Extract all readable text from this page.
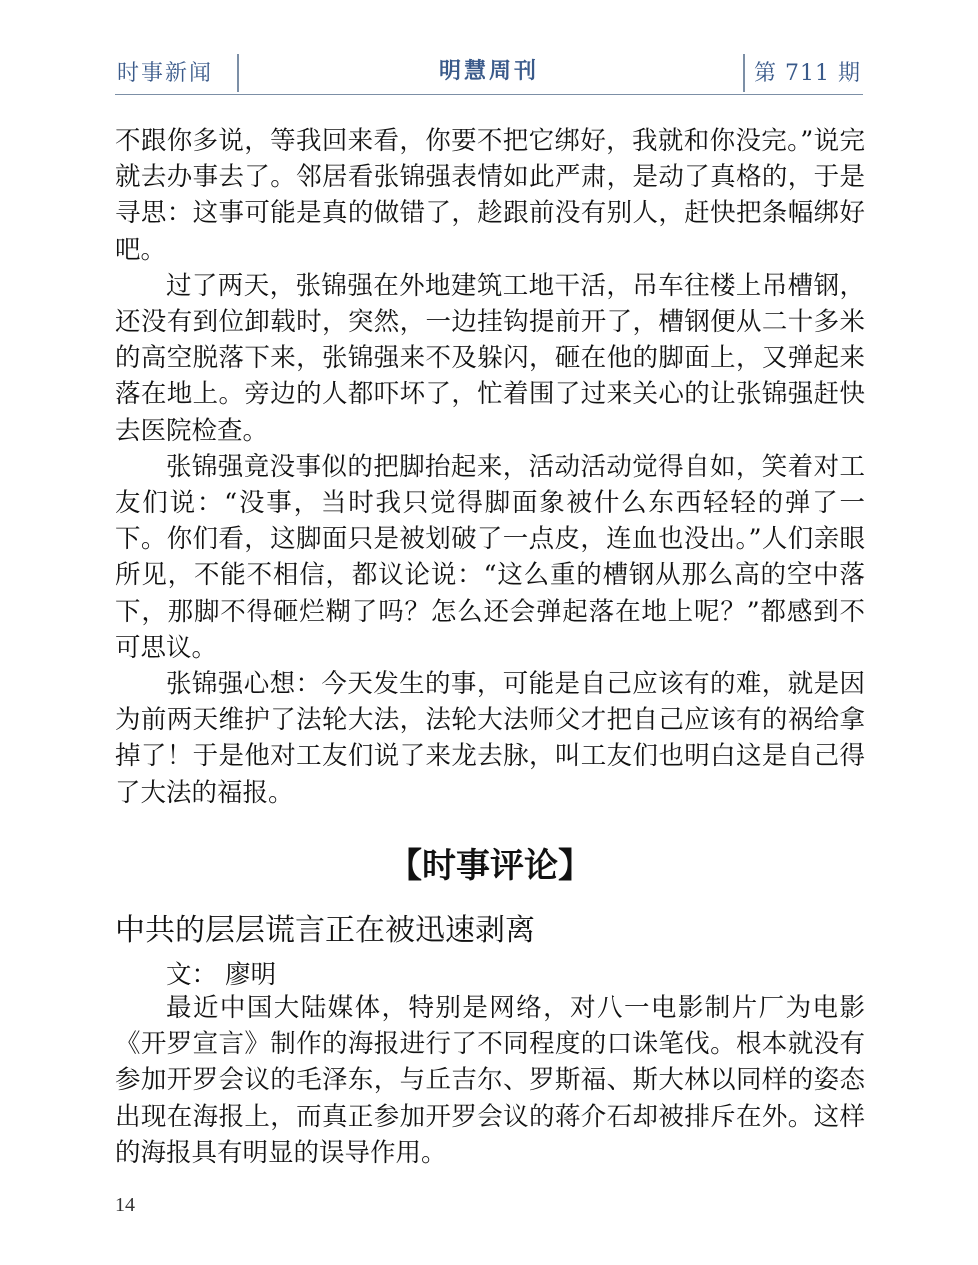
时事新闻	明慧周刊	第 711 期

不跟你多说，等我回来看，你要不把它绑好，我就和你没完。”说完就去办事去了。邻居看张锦强表情如此严肃，是动了真格的，于是寻思：这事可能是真的做错了，趁跟前没有别人，赶快把条幅绑好吧。

过了两天，张锦强在外地建筑工地干活，吊车往楼上吊槽钢，还没有到位卸载时，突然，一边挂钩提前开了，槽钢便从二十多米的高空脱落下来，张锦强来不及躲闪，砸在他的脚面上，又弹起来落在地上。旁边的人都吓坏了，忙着围了过来关心的让张锦强赶快去医院检查。

张锦强竟没事似的把脚抬起来，活动活动觉得自如，笑着对工友们说：“没事，当时我只觉得脚面象被什么东西轻轻的弹了一下。你们看，这脚面只是被划破了一点皮，连血也没出。”人们亲眼所见，不能不相信，都议论说：“这么重的槽钢从那么高的空中落下，那脚不得砸烂糊了吗？怎么还会弹起落在地上呢？”都感到不可思议。

张锦强心想：今天发生的事，可能是自己应该有的难，就是因为前两天维护了法轮大法，法轮大法师父才把自己应该有的祸给拿掉了！于是他对工友们说了来龙去脉，叫工友们也明白这是自己得了大法的福报。

【时事评论】
中共的层层谎言正在被迅速剥离
文： 廖明

最近中国大陆媒体，特别是网络，对八一电影制片厂为电影《开罗宣言》制作的海报进行了不同程度的口诛笔伐。根本就没有参加开罗会议的毛泽东，与丘吉尔、罗斯福、斯大林以同样的姿态出现在海报上，而真正参加开罗会议的蒋介石却被排斥在外。这样的海报具有明显的误导作用。

14
